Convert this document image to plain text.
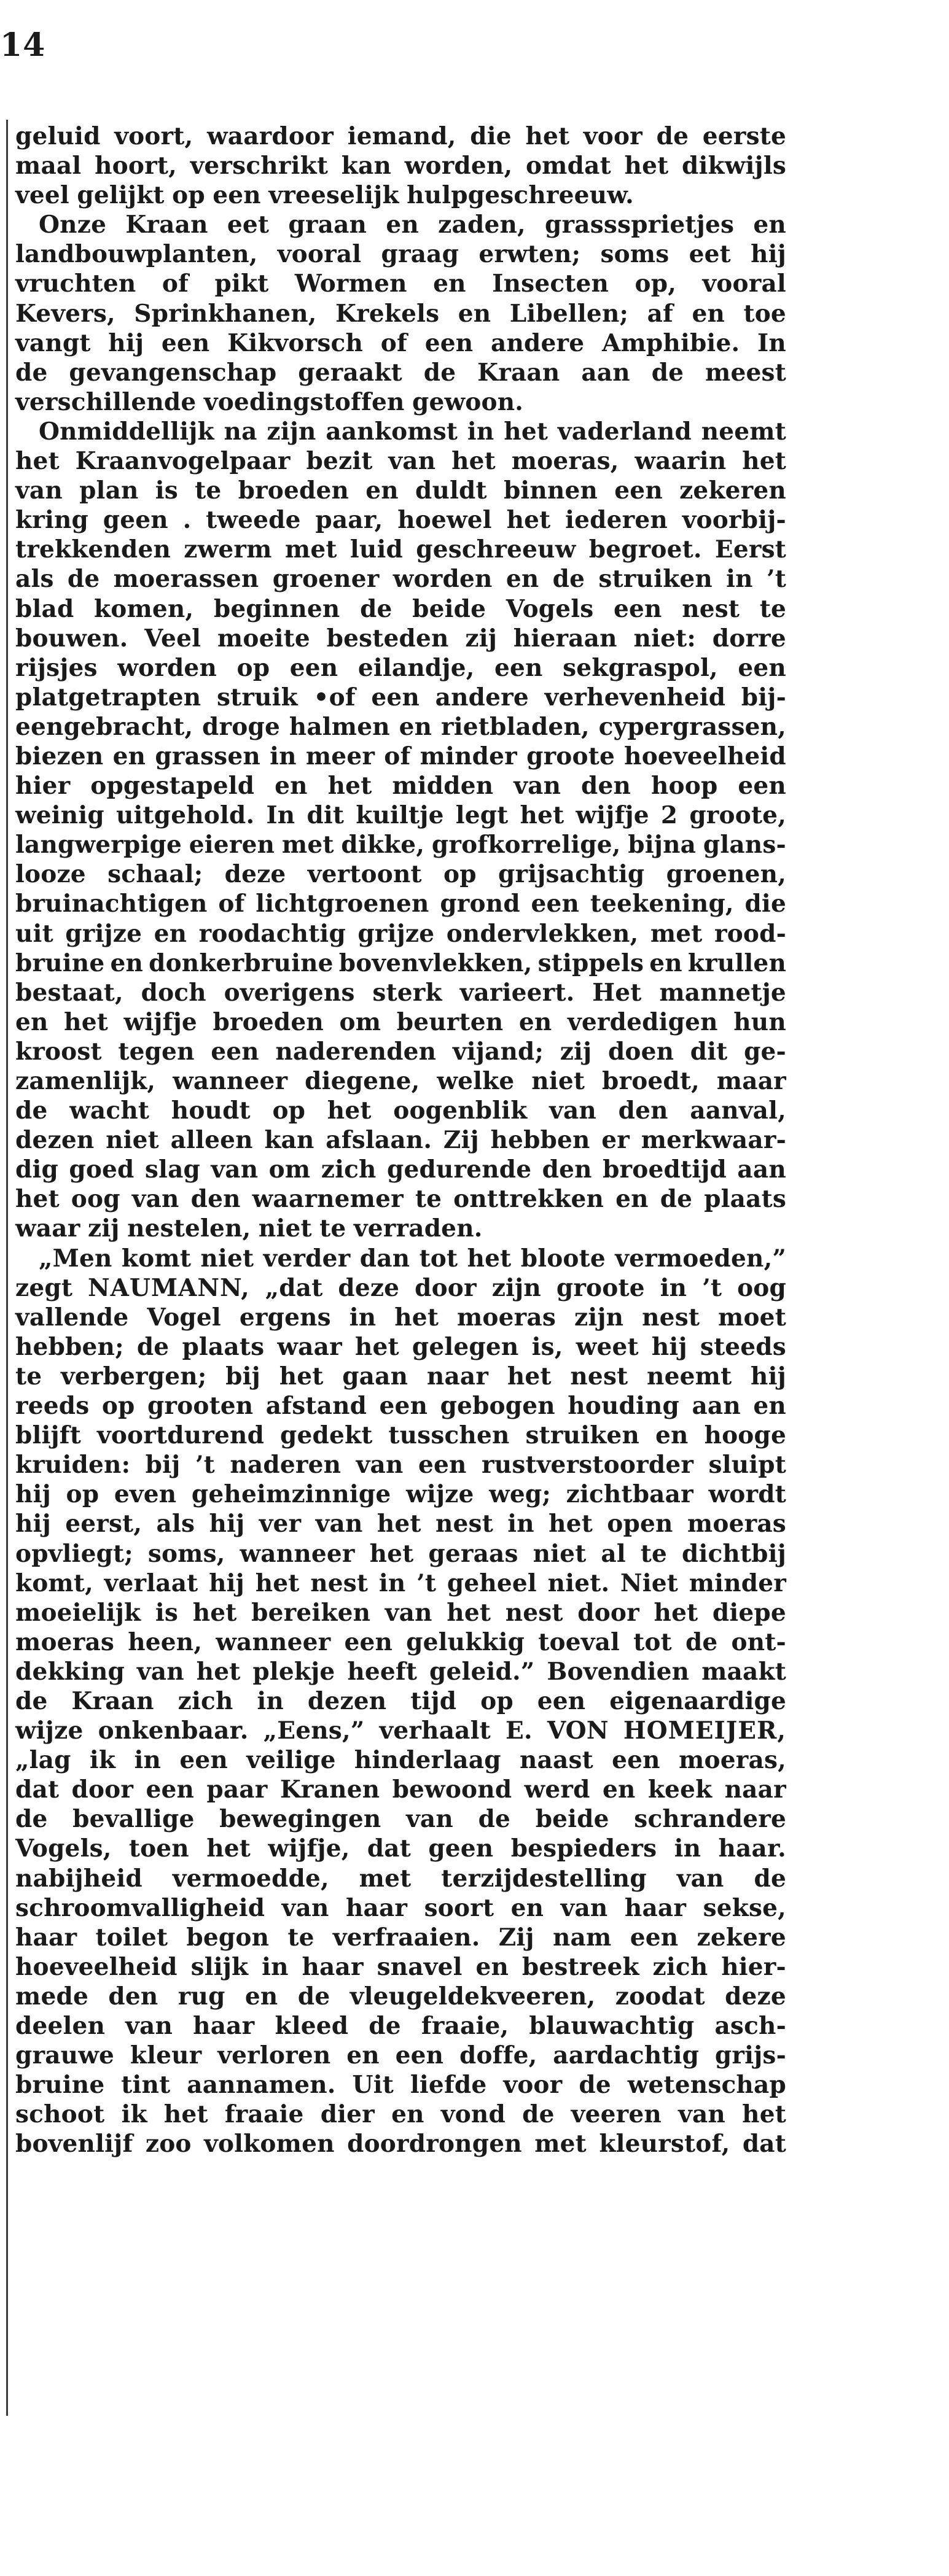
14
geluid voort, waardoor iemand, die het voor de eerste
maal hoort, verschrikt kan worden, omdat het dikwijls
veel gelijkt op een vreeselijk hulpgeschreeuw.
Onze Kraan eet graan en zaden, grasssprietjes en
landbouwplanten, vooral graag erwten; soms eet hij
vruchten of pikt Wormen en Insecten op, vooral
Kevers, Sprinkhanen, Krekels en Libellen; af en toe
vangt hij een Kikvorsch of een andere Amphibie. In
de gevangenschap geraakt de Kraan aan de meest
verschillende voedingstoffen gewoon.
Onmiddellijk na zijn aankomst in het vaderland neemt
het Kraanvogelpaar bezit van het moeras, waarin het
van plan is te broeden en duldt binnen een zekeren
kring geen . tweede paar, hoewel het iederen voorbij-
trekkenden zwerm met luid geschreeuw begroet. Eerst
als de moerassen groener worden en de struiken in ’t
blad komen, beginnen de beide Vogels een nest te
bouwen. Veel moeite besteden zij hieraan niet: dorre
rijsjes worden op een eilandje, een sekgraspol, een
platgetrapten struik •of een andere verhevenheid bij-
eengebracht, droge halmen en rietbladen, cypergrassen,
biezen en grassen in meer of minder groote hoeveelheid
hier opgestapeld en het midden van den hoop een
weinig uitgehold. In dit kuiltje legt het wijfje 2 groote,
langwerpige eieren met dikke, grofkorrelige, bijna glans-
looze schaal; deze vertoont op grijsachtig groenen,
bruinachtigen of lichtgroenen grond een teekening, die
uit grijze en roodachtig grijze ondervlekken, met rood-
bruine en donkerbruine bovenvlekken, stippels en krullen
bestaat, doch overigens sterk varieert. Het mannetje
en het wijfje broeden om beurten en verdedigen hun
kroost tegen een naderenden vijand; zij doen dit ge-
zamenlijk, wanneer diegene, welke niet broedt, maar
de wacht houdt op het oogenblik van den aanval,
dezen niet alleen kan afslaan. Zij hebben er merkwaar-
dig goed slag van om zich gedurende den broedtijd aan
het oog van den waarnemer te onttrekken en de plaats
waar zij nestelen, niet te verraden.
„Men komt niet verder dan tot het bloote vermoeden,”
zegt NAUMANN, „dat deze door zijn groote in ’t oog
vallende Vogel ergens in het moeras zijn nest moet
hebben; de plaats waar het gelegen is, weet hij steeds
te verbergen; bij het gaan naar het nest neemt hij
reeds op grooten afstand een gebogen houding aan en
blijft voortdurend gedekt tusschen struiken en hooge
kruiden: bij ’t naderen van een rustverstoorder sluipt
hij op even geheimzinnige wijze weg; zichtbaar wordt
hij eerst, als hij ver van het nest in het open moeras
opvliegt; soms, wanneer het geraas niet al te dichtbij
komt, verlaat hij het nest in ’t geheel niet. Niet minder
moeielijk is het bereiken van het nest door het diepe
moeras heen, wanneer een gelukkig toeval tot de ont-
dekking van het plekje heeft geleid.” Bovendien maakt
de Kraan zich in dezen tijd op een eigenaardige
wijze onkenbaar. „Eens,” verhaalt E. VON HOMEIJER,
„lag ik in een veilige hinderlaag naast een moeras,
dat door een paar Kranen bewoond werd en keek naar
de bevallige bewegingen van de beide schrandere
Vogels, toen het wijfje, dat geen bespieders in haar.
nabijheid vermoedde, met terzijdestelling van de
schroomvalligheid van haar soort en van haar sekse,
haar toilet begon te verfraaien. Zij nam een zekere
hoeveelheid slijk in haar snavel en bestreek zich hier-
mede den rug en de vleugeldekveeren, zoodat deze
deelen van haar kleed de fraaie, blauwachtig asch-
grauwe kleur verloren en een doffe, aardachtig grijs-
bruine tint aannamen. Uit liefde voor de wetenschap
schoot ik het fraaie dier en vond de veeren van het
bovenlijf zoo volkomen doordrongen met kleurstof, dat
